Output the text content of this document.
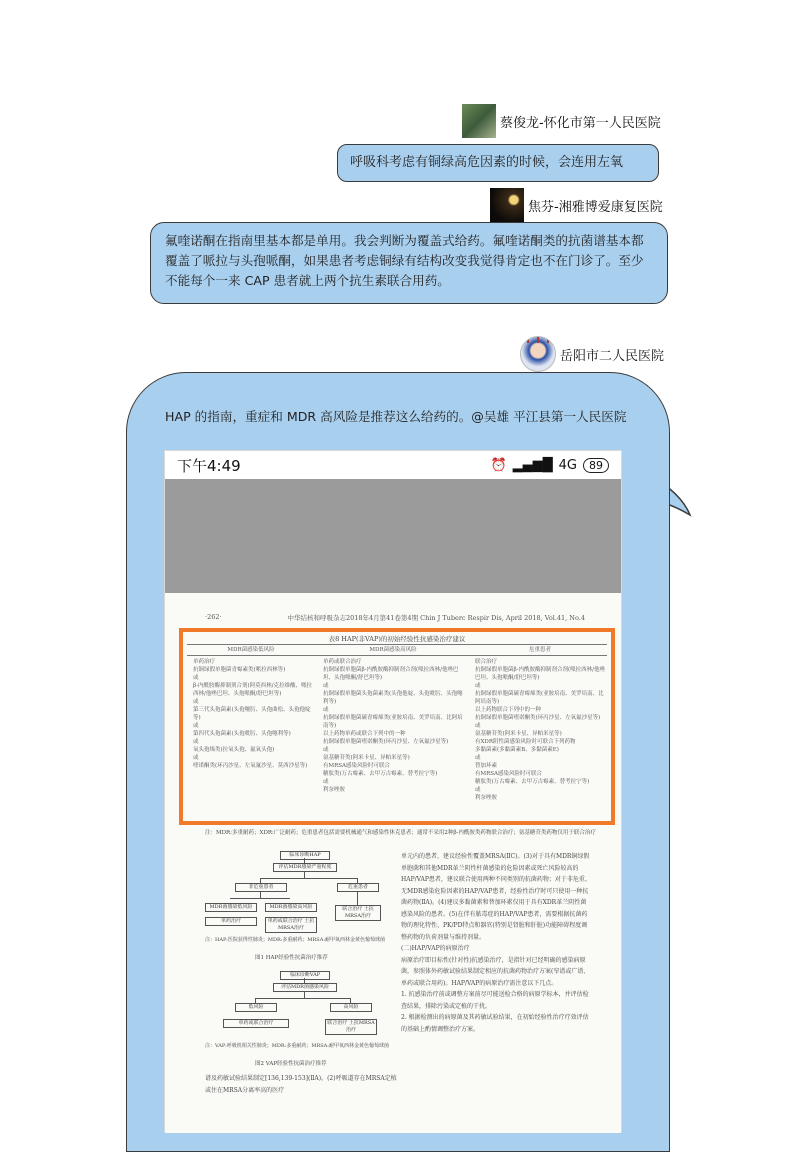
蔡俊龙-怀化市第一人民医院
呼吸科考虑有铜绿高危因素的时候，会连用左氧
焦芬-湘雅博爱康复医院
氟喹诺酮在指南里基本都是单用。我会判断为覆盖式给药。氟喹诺酮类的抗菌谱基本都覆盖了哌拉与头孢哌酮，如果患者考虑铜绿有结构改变我觉得肯定也不在门诊了。至少不能每个一来 CAP 患者就上两个抗生素联合用药。
岳阳市二人民医院
HAP 的指南，重症和 MDR 高风险是推荐这么给药的。@吴雄 平江县第一人民医院
下午4:49	⏰ ▂▄▆█ 4G	89
·262·	中华结核和呼吸杂志2018年4月第41卷第4期 Chin J Tuberc Respir Dis, April 2018, Vol.41, No.4
表8 HAP(非VAP)的初始经验性抗感染治疗建议
MDR菌感染低风险	MDR菌感染高风险	危重患者
单药治疗
抗铜绿假单胞菌青霉素类(哌拉西林等)
或
β-内酰胺酶抑制剂合剂(阿莫西林/克拉维酸、哌拉西林/他唑巴坦、头孢哌酮/舒巴坦等)
或
第三代头孢菌素(头孢噻肟、头孢曲松、头孢他啶等)
或
第四代头孢菌素(头孢吡肟、头孢噻利等)
或
氧头孢烯类(拉氧头孢、氟氧头孢)
或
喹诺酮类(环丙沙星、左氧氟沙星、莫西沙星等)
单药或联合治疗
抗铜绿假单胞菌β-内酰胺酶抑制剂合剂(哌拉西林/他唑巴坦、头孢哌酮/舒巴坦等)
或
抗铜绿假单胞菌头孢菌素类(头孢他啶、头孢吡肟、头孢噻利等)
或
抗铜绿假单胞菌碳青霉烯类(亚胺培南、美罗培南、比阿培南等)
以上药物单药或联合下列中的一种
抗铜绿假单胞菌喹诺酮类(环丙沙星、左氧氟沙星等)
或
氨基糖苷类(阿米卡星、异帕米星等)
有MRSA感染风险时可联合
糖肽类(万古霉素、去甲万古霉素、替考拉宁等)
或
利奈唑胺
联合治疗
抗铜绿假单胞菌β-内酰胺酶抑制剂合剂(哌拉西林/他唑巴坦、头孢哌酮/舒巴坦等)
或
抗铜绿假单胞菌碳青霉烯类(亚胺培南、美罗培南、比阿培南等)
以上药物联合下列中的一种
抗铜绿假单胞菌喹诺酮类(环丙沙星、左氧氟沙星等)
或
氨基糖苷类(阿米卡星、异帕米星等)
有XDR阴性菌感染风险时可联合下列药物
多黏菌素(多黏菌素B、多黏菌素E)
或
替加环素
有MRSA感染风险时可联合
糖肽类(万古霉素、去甲万古霉素、替考拉宁等)
或
利奈唑胺
注：MDR:多重耐药；XDR:广泛耐药；危重患者包括需要机械通气和感染性休克患者；通常不采用2种β-内酰胺类药物联合治疗；氨基糖苷类药物仅用于联合治疗
临床诊断HAP
评估MDR感染严重程度
非危重患者	危重患者
MDR菌感染低风险	MDR菌感染高风险
单药治疗	单药或联合治疗 土抗MRSA治疗
联合治疗 土抗MRSA治疗
注：HAP:医院获得性肺炎；MDR:多重耐药；MRSA:耐甲氧西林金黄色葡萄球菌
图1 HAP经验性抗菌治疗推荐
临床诊断VAP
评估MDR菌感染风险
低风险	高风险
单药或联合治疗	联合治疗 土抗MRSA治疗
注：VAP:呼吸机相关性肺炎；MDR:多重耐药；MRSA:耐甲氧西林金黄色葡萄球菌
图2 VAP经验性抗菌治疗推荐
谱及药敏试验结果制定[136,139-153](ⅡA)。(2)呼吸道存在MRSA定植或住在MRSA分离率高的医疗
单元内的患者，建议经验性覆盖MRSA(ⅡC)。(3)对于具有MDR铜绿假单胞菌和其他MDR革兰阴性杆菌感染的危险因素或死亡风险较高的HAP/VAP患者，建议联合使用两种不同类别的抗菌药物；对于非危重、无MDR感染危险因素的HAP/VAP患者，经验性治疗时可只使用一种抗菌药物(ⅡA)。(4)建议多黏菌素和替加环素仅用于具有XDR革兰阴性菌感染风险的患者。(5)在伴有脓毒症的HAP/VAP患者，需要根据抗菌药物的理化特性、PK/PD特点和器官(特别是肾脏和肝脏)功能障碍程度调整药物的负荷剂量与维持剂量。
(二)HAP/VAP的病原治疗
病原治疗即目标性(针对性)抗感染治疗，是指针对已经明确的感染病原菌，参照体外药敏试验结果制定相应的抗菌药物治疗方案(窄谱或广谱、单药或联合用药)。HAP/VAP的病原治疗需注意以下几点。
1. 抗感染治疗前或调整方案前尽可能送检合格的病原学标本，并评估检查结果，排除污染或定植的干扰。
2. 根据检测出的病原菌及其药敏试验结果，在初始经验性治疗疗效评估的基础上酌情调整治疗方案。
